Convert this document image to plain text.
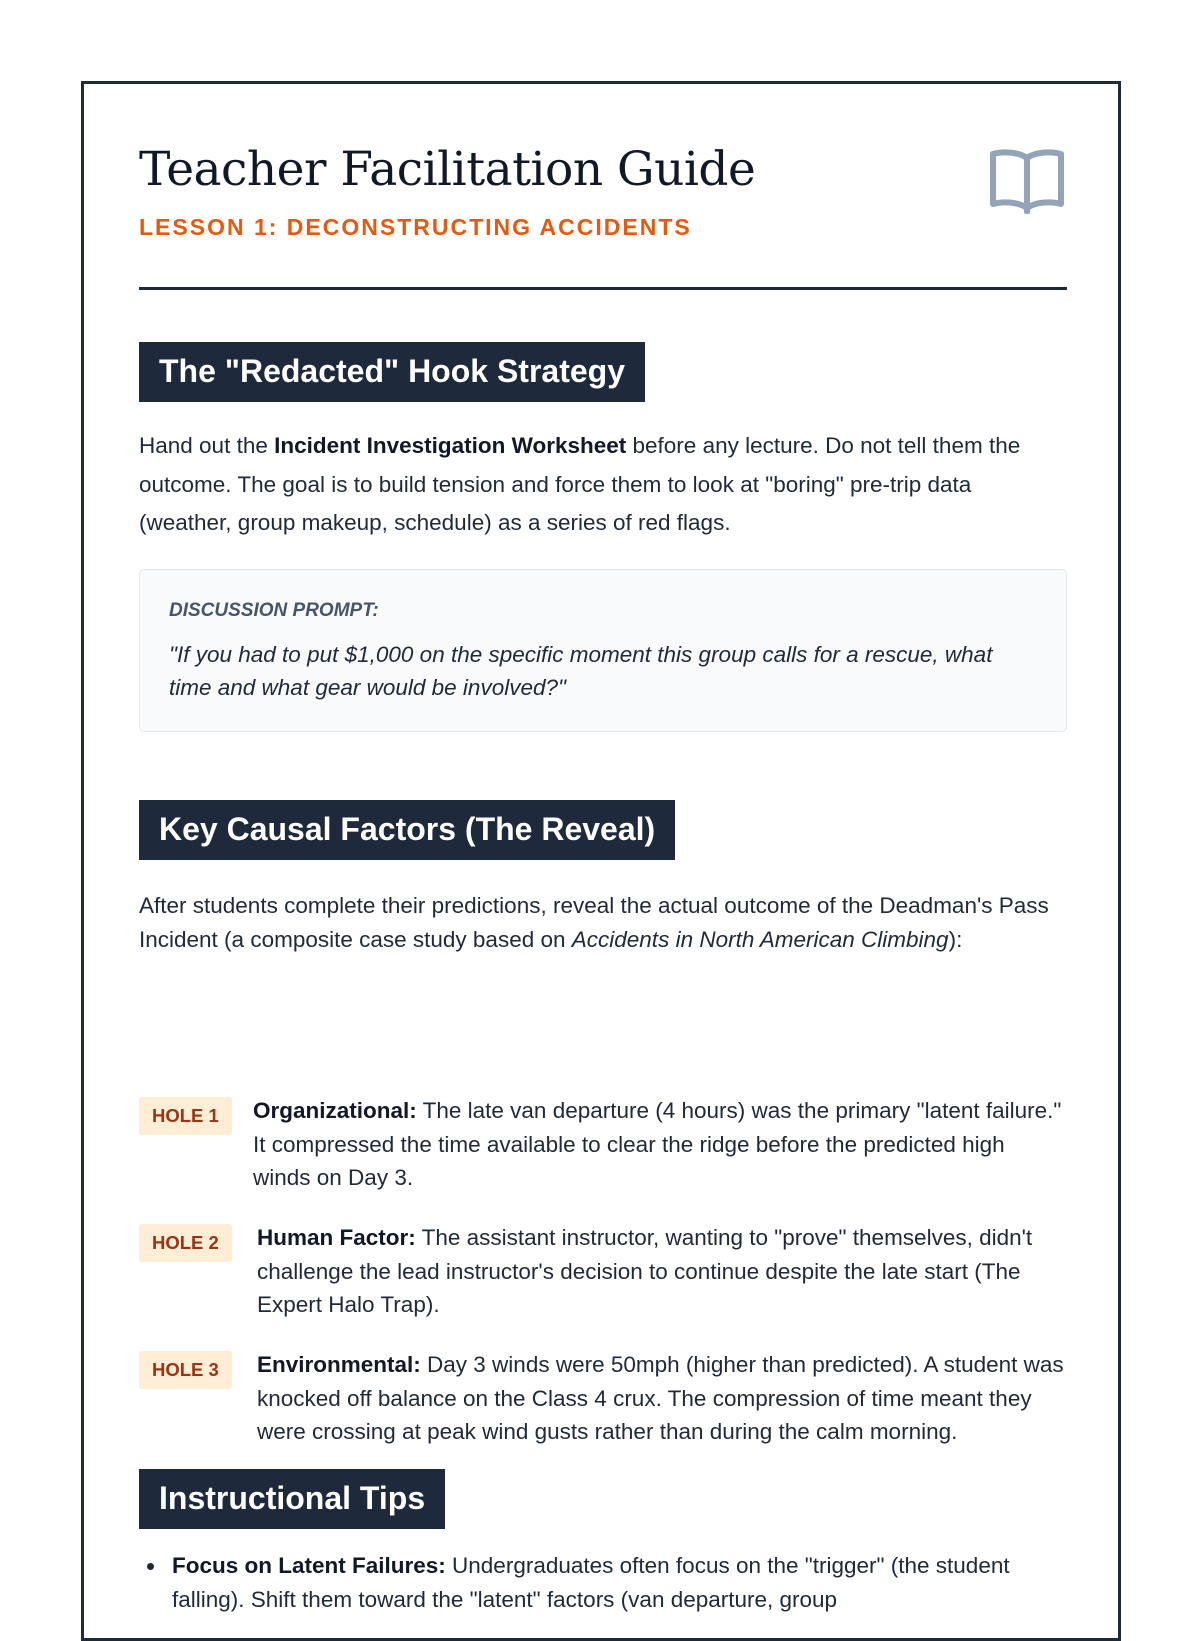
Teacher Facilitation Guide
LESSON 1: DECONSTRUCTING ACCIDENTS
The "Redacted" Hook Strategy

Hand out the Incident Investigation Worksheet before any lecture. Do not tell them the outcome. The goal is to build tension and force them to look at "boring" pre-trip data (weather, group makeup, schedule) as a series of red flags.

DISCUSSION PROMPT:
"If you had to put $1,000 on the specific moment this group calls for a rescue, what time and what gear would be involved?"
Key Causal Factors (The Reveal)

After students complete their predictions, reveal the actual outcome of the Deadman's Pass Incident (a composite case study based on Accidents in North American Climbing):

HOLE 1	Organizational: The late van departure (4 hours) was the primary "latent failure." It compressed the time available to clear the ridge before the predicted high winds on Day 3.
HOLE 2	Human Factor: The assistant instructor, wanting to "prove" themselves, didn't challenge the lead instructor's decision to continue despite the late start (The Expert Halo Trap).
HOLE 3	Environmental: Day 3 winds were 50mph (higher than predicted). A student was knocked off balance on the Class 4 crux. The compression of time meant they were crossing at peak wind gusts rather than during the calm morning.
Instructional Tips
Focus on Latent Failures: Undergraduates often focus on the "trigger" (the student falling). Shift them toward the "latent" factors (van departure, group
